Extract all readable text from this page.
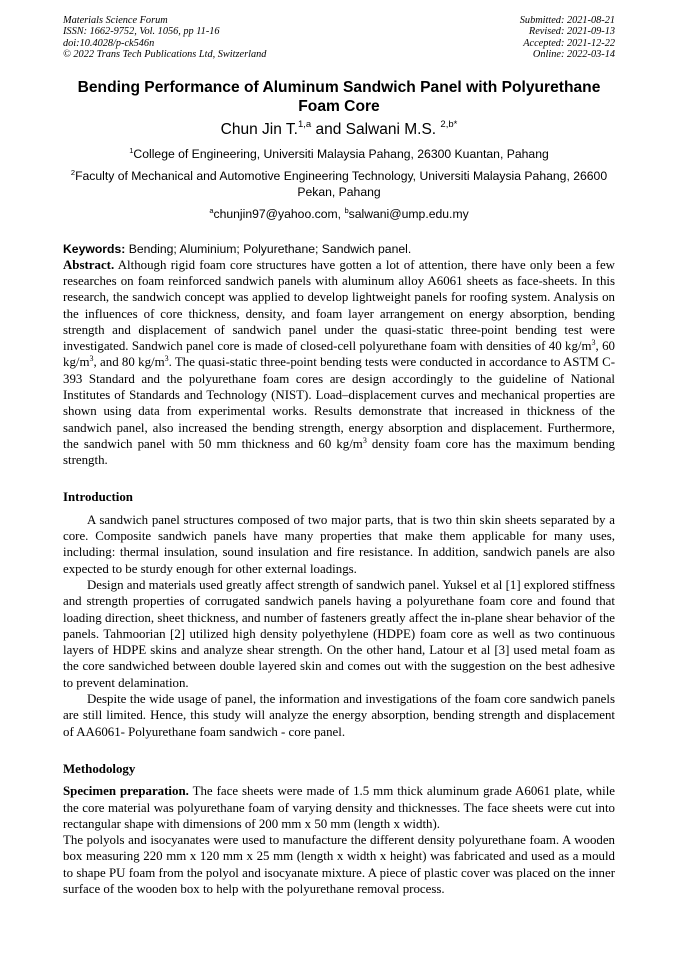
Materials Science Forum
ISSN: 1662-9752, Vol. 1056, pp 11-16
doi:10.4028/p-ck546n
© 2022 Trans Tech Publications Ltd, Switzerland
Submitted: 2021-08-21
Revised: 2021-09-13
Accepted: 2021-12-22
Online: 2022-03-14
Bending Performance of Aluminum Sandwich Panel with Polyurethane Foam Core
Chun Jin T.$^{1,a}$ and Salwani M.S. $^{2,b*}$
$^1$College of Engineering, Universiti Malaysia Pahang, 26300 Kuantan, Pahang
$^2$Faculty of Mechanical and Automotive Engineering Technology, Universiti Malaysia Pahang, 26600 Pekan, Pahang
$^a$chunjin97@yahoo.com, $^b$salwani@ump.edu.my
Keywords: Bending; Aluminium; Polyurethane; Sandwich panel.

Abstract. Although rigid foam core structures have gotten a lot of attention, there have only been a few researches on foam reinforced sandwich panels with aluminum alloy A6061 sheets as face-sheets. In this research, the sandwich concept was applied to develop lightweight panels for roofing system. Analysis on the influences of core thickness, density, and foam layer arrangement on energy absorption, bending strength and displacement of sandwich panel under the quasi-static three-point bending test were investigated. Sandwich panel core is made of closed-cell polyurethane foam with densities of 40 $kg/m^3$, 60 $kg/m^3$, and 80 $kg/m^3$. The quasi-static three-point bending tests were conducted in accordance to ASTM C-393 Standard and the polyurethane foam cores are design accordingly to the guideline of National Institutes of Standards and Technology (NIST). Load–displacement curves and mechanical properties are shown using data from experimental works. Results demonstrate that increased in thickness of the sandwich panel, also increased the bending strength, energy absorption and displacement. Furthermore, the sandwich panel with 50 mm thickness and 60 $kg/m^3$ density foam core has the maximum bending strength.

Introduction

A sandwich panel structures composed of two major parts, that is two thin skin sheets separated by a core. Composite sandwich panels have many properties that make them applicable for many uses, including: thermal insulation, sound insulation and fire resistance. In addition, sandwich panels are also expected to be sturdy enough for other external loadings.

Design and materials used greatly affect strength of sandwich panel. Yuksel et al [1] explored stiffness and strength properties of corrugated sandwich panels having a polyurethane foam core and found that loading direction, sheet thickness, and number of fasteners greatly affect the in-plane shear behavior of the panels. Tahmoorian [2] utilized high density polyethylene (HDPE) foam core as well as two continuous layers of HDPE skins and analyze shear strength. On the other hand, Latour et al [3] used metal foam as the core sandwiched between double layered skin and comes out with the suggestion on the best adhesive to prevent delamination.

Despite the wide usage of panel, the information and investigations of the foam core sandwich panels are still limited. Hence, this study will analyze the energy absorption, bending strength and displacement of AA6061- Polyurethane foam sandwich - core panel.

Methodology

Specimen preparation. The face sheets were made of 1.5 mm thick aluminum grade A6061 plate, while the core material was polyurethane foam of varying density and thicknesses. The face sheets were cut into rectangular shape with dimensions of 200 mm x 50 mm (length x width).

The polyols and isocyanates were used to manufacture the different density polyurethane foam. A wooden box measuring 220 mm x 120 mm x 25 mm (length x width x height) was fabricated and used as a mould to shape PU foam from the polyol and isocyanate mixture. A piece of plastic cover was placed on the inner surface of the wooden box to help with the polyurethane removal process.
